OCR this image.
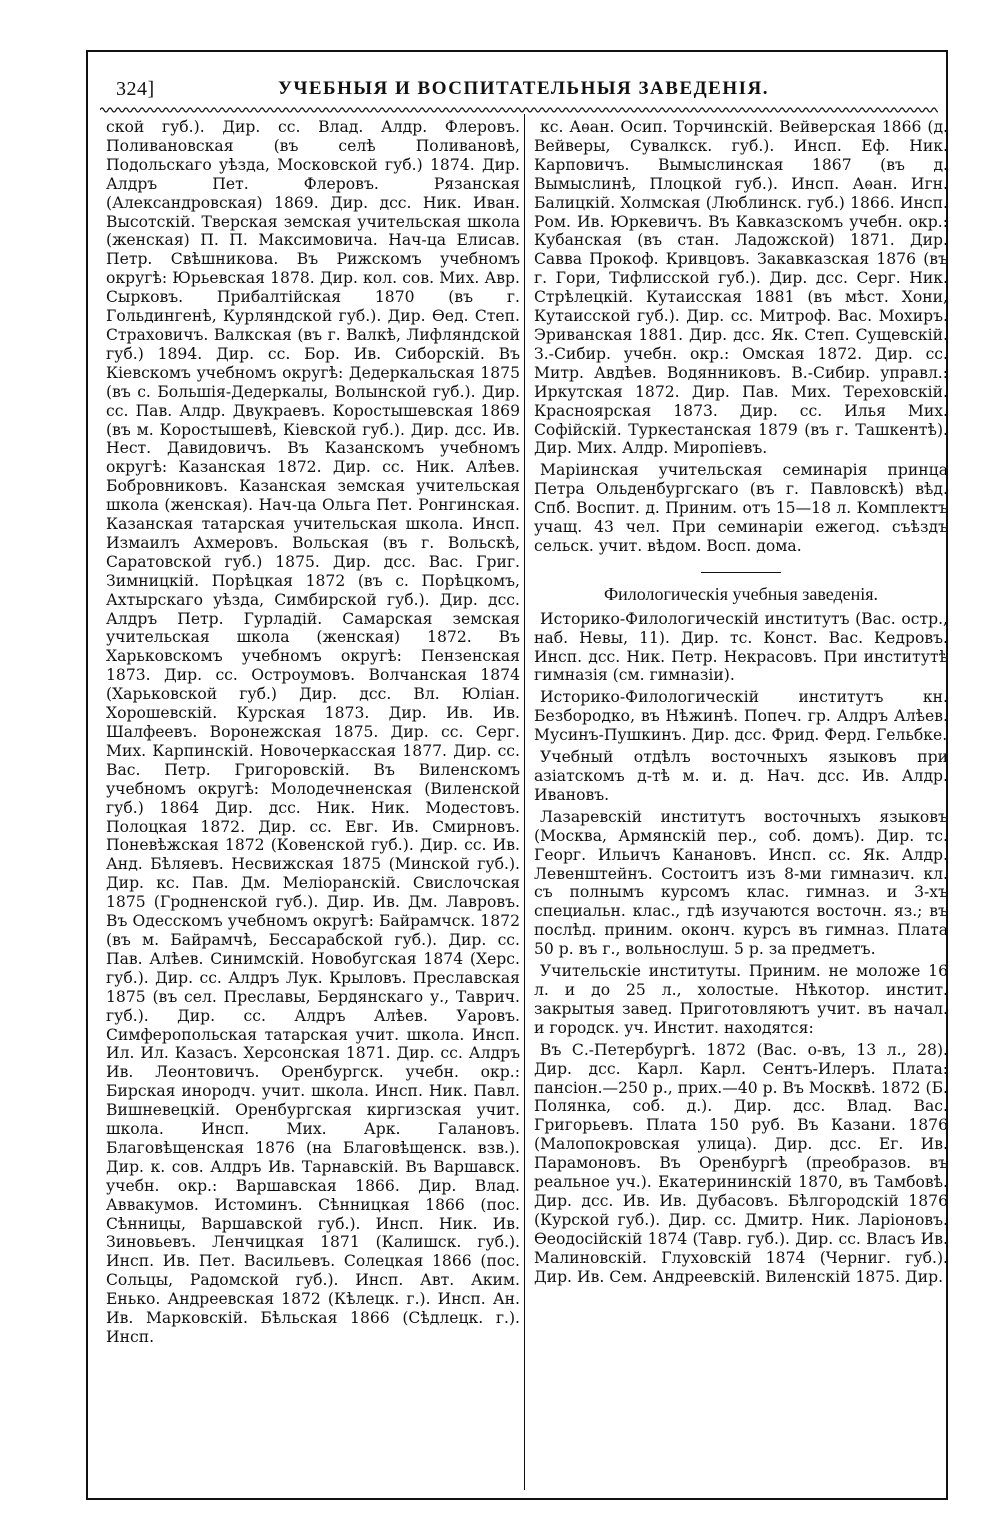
324]	УЧЕБНЫЯ И ВОСПИТАТЕЛЬНЫЯ ЗАВЕДЕНІЯ.

ской губ.). Дир. сс. Влад. Алдр. Флеровъ. Поливановская (въ селѣ Поливановѣ, Подольскаго уѣзда, Московской губ.) 1874. Дир. Алдръ Пет. Флеровъ. Рязанская (Александровская) 1869. Дир. дсс. Ник. Иван. Высотскій. Тверская земская учительская школа (женская) П. П. Максимовича. Нач-ца Елисав. Петр. Свѣшникова. Въ Рижскомъ учебномъ округѣ: Юрьевская 1878. Дир. кол. сов. Мих. Авр. Сырковъ. Прибалтійская 1870 (въ г. Гольдингенѣ, Курляндской губ.). Дир. Ѳед. Степ. Страховичъ. Валкская (въ г. Валкѣ, Лифляндской губ.) 1894. Дир. сс. Бор. Ив. Сиборскій. Въ Кіевскомъ учебномъ округѣ: Дедеркальская 1875 (въ с. Большія-Дедеркалы, Волынской губ.). Дир. сс. Пав. Алдр. Двукраевъ. Коростышевская 1869 (въ м. Коростышевѣ, Кіевской губ.). Дир. дсс. Ив. Нест. Давидовичъ. Въ Казанскомъ учебномъ округѣ: Казанская 1872. Дир. сс. Ник. Алѣев. Бобровниковъ. Казанская земская учительская школа (женская). Нач-ца Ольга Пет. Ронгинская. Казанская татарская учительская школа. Инсп. Измаилъ Ахмеровъ. Вольская (въ г. Вольскѣ, Саратовской губ.) 1875. Дир. дсс. Вас. Григ. Зимницкій. Порѣцкая 1872 (въ с. Порѣцкомъ, Ахтырскаго уѣзда, Симбирской губ.). Дир. дсс. Алдръ Петр. Гурладій. Самарская земская учительская школа (женская) 1872. Въ Харьковскомъ учебномъ округѣ: Пензенская 1873. Дир. сс. Остроумовъ. Волчанская 1874 (Харьковской губ.) Дир. дсс. Вл. Юліан. Хорошевскій. Курская 1873. Дир. Ив. Ив. Шалфеевъ. Воронежская 1875. Дир. сс. Серг. Мих. Карпинскій. Новочеркасская 1877. Дир. сс. Вас. Петр. Григоровскій. Въ Виленскомъ учебномъ округѣ: Молодечненская (Виленской губ.) 1864 Дир. дсс. Ник. Ник. Модестовъ. Полоцкая 1872. Дир. сс. Евг. Ив. Смирновъ. Поневѣжская 1872 (Ковенской губ.). Дир. сс. Ив. Анд. Бѣляевъ. Несвижская 1875 (Минской губ.). Дир. кс. Пав. Дм. Меліоранскій. Свислочская 1875 (Гродненской губ.). Дир. Ив. Дм. Лавровъ. Въ Одесскомъ учебномъ округѣ: Байрамчск. 1872 (въ м. Байрамчѣ, Бессарабской губ.). Дир. сс. Пав. Алѣев. Синимскій. Новобугская 1874 (Херс. губ.). Дир. сс. Алдръ Лук. Крыловъ. Преславская 1875 (въ сел. Преславы, Бердянскаго у., Таврич. губ.). Дир. сс. Алдръ Алѣев. Уаровъ. Симферопольская татарская учит. школа. Инсп. Ил. Ил. Казасъ. Херсонская 1871. Дир. сс. Алдръ Ив. Леонтовичъ. Оренбургск. учебн. окр.: Бирская инородч. учит. школа. Инсп. Ник. Павл. Вишневецкій. Оренбургская киргизская учит. школа. Инсп. Мих. Арк. Галановъ. Благовѣщенская 1876 (на Благовѣщенск. взв.). Дир. к. сов. Алдръ Ив. Тарнавскій. Въ Варшавск. учебн. окр.: Варшавская 1866. Дир. Влад. Аввакумов. Истоминъ. Сѣнницкая 1866 (пос. Сѣнницы, Варшавской губ.). Инсп. Ник. Ив. Зиновьевъ. Ленчицкая 1871 (Калишск. губ.). Инсп. Ив. Пет. Васильевъ. Солецкая 1866 (пос. Сольцы, Радомской губ.). Инсп. Авт. Аким. Енько. Андреевская 1872 (Кѣлецк. г.). Инсп. Ан. Ив. Марковскій. Бѣльская 1866 (Сѣдлецк. г.). Инсп.

кс. Аѳан. Осип. Торчинскій. Вейверская 1866 (д. Вейверы, Сувалкск. губ.). Инсп. Еф. Ник. Карповичъ. Вымыслинская 1867 (въ д. Вымыслинѣ, Плоцкой губ.). Инсп. Аѳан. Игн. Балицкій. Холмская (Люблинск. губ.) 1866. Инсп. Ром. Ив. Юркевичъ. Въ Кавказскомъ учебн. окр.: Кубанская (въ стан. Ладожской) 1871. Дир. Савва Прокоф. Кривцовъ. Закавказская 1876 (въ г. Гори, Тифлисской губ.). Дир. дсс. Серг. Ник. Стрѣлецкій. Кутаисская 1881 (въ мѣст. Хони, Кутаисской губ.). Дир. сс. Митроф. Вас. Мохиръ. Эриванская 1881. Дир. дсс. Як. Степ. Сущевскій. З.-Сибир. учебн. окр.: Омская 1872. Дир. сс. Митр. Авдѣев. Водянниковъ. В.-Сибир. управл.: Иркутская 1872. Дир. Пав. Мих. Тереховскій. Красноярская 1873. Дир. сс. Илья Мих. Софійскій. Туркестанская 1879 (въ г. Ташкентѣ). Дир. Мих. Алдр. Миропіевъ.

Маріинская учительская семинарія принца Петра Ольденбургскаго (въ г. Павловскѣ) вѣд. Спб. Воспит. д. Приним. отъ 15—18 л. Комплектъ учащ. 43 чел. При семинаріи ежегод. съѣздъ сельск. учит. вѣдом. Восп. дома.

Филологическія учебныя заведенія.

Историко-Филологическій институтъ (Вас. остр., наб. Невы, 11). Дир. тс. Конст. Вас. Кедровъ. Инсп. дсс. Ник. Петр. Некрасовъ. При институтѣ гимназія (см. гимназіи).

Историко-Филологическій институтъ кн. Безбородко, въ Нѣжинѣ. Попеч. гр. Алдръ Алѣев. Мусинъ-Пушкинъ. Дир. дсс. Фрид. Ферд. Гельбке.

Учебный отдѣлъ восточныхъ языковъ при азіатскомъ д-тѣ м. и. д. Нач. дсс. Ив. Алдр. Ивановъ.

Лазаревскій институтъ восточныхъ языковъ (Москва, Армянскій пер., соб. домъ). Дир. тс. Георг. Ильичъ Канановъ. Инсп. сс. Як. Алдр. Левенштейнъ. Состоитъ изъ 8-ми гимназич. кл. съ полнымъ курсомъ клас. гимназ. и 3-хъ специальн. клас., гдѣ изучаются восточн. яз.; въ послѣд. приним. оконч. курсъ въ гимназ. Плата 50 р. въ г., вольнослуш. 5 р. за предметъ.

Учительскіе институты. Приним. не моложе 16 л. и до 25 л., холостые. Нѣкотор. инстит. закрытыя завед. Приготовляютъ учит. въ начал. и городск. уч. Инстит. находятся:

Въ С.-Петербургѣ. 1872 (Вас. о-въ, 13 л., 28). Дир. дсс. Карл. Карл. Сентъ-Илеръ. Плата: пансіон.—250 р., прих.—40 р. Въ Москвѣ. 1872 (Б. Полянка, соб. д.). Дир. дсс. Влад. Вас. Григорьевъ. Плата 150 руб. Въ Казани. 1876 (Малопокровская улица). Дир. дсс. Ег. Ив. Парамоновъ. Въ Оренбургѣ (преобразов. въ реальное уч.). Екатерининскій 1870, въ Тамбовѣ. Дир. дсс. Ив. Ив. Дубасовъ. Бѣлгородскій 1876 (Курской губ.). Дир. сс. Дмитр. Ник. Ларіоновъ. Ѳеодосійскій 1874 (Тавр. губ.). Дир. сс. Власъ Ив. Малиновскій. Глуховскій 1874 (Черниг. губ.). Дир. Ив. Сем. Андреевскій. Виленскій 1875. Дир.
